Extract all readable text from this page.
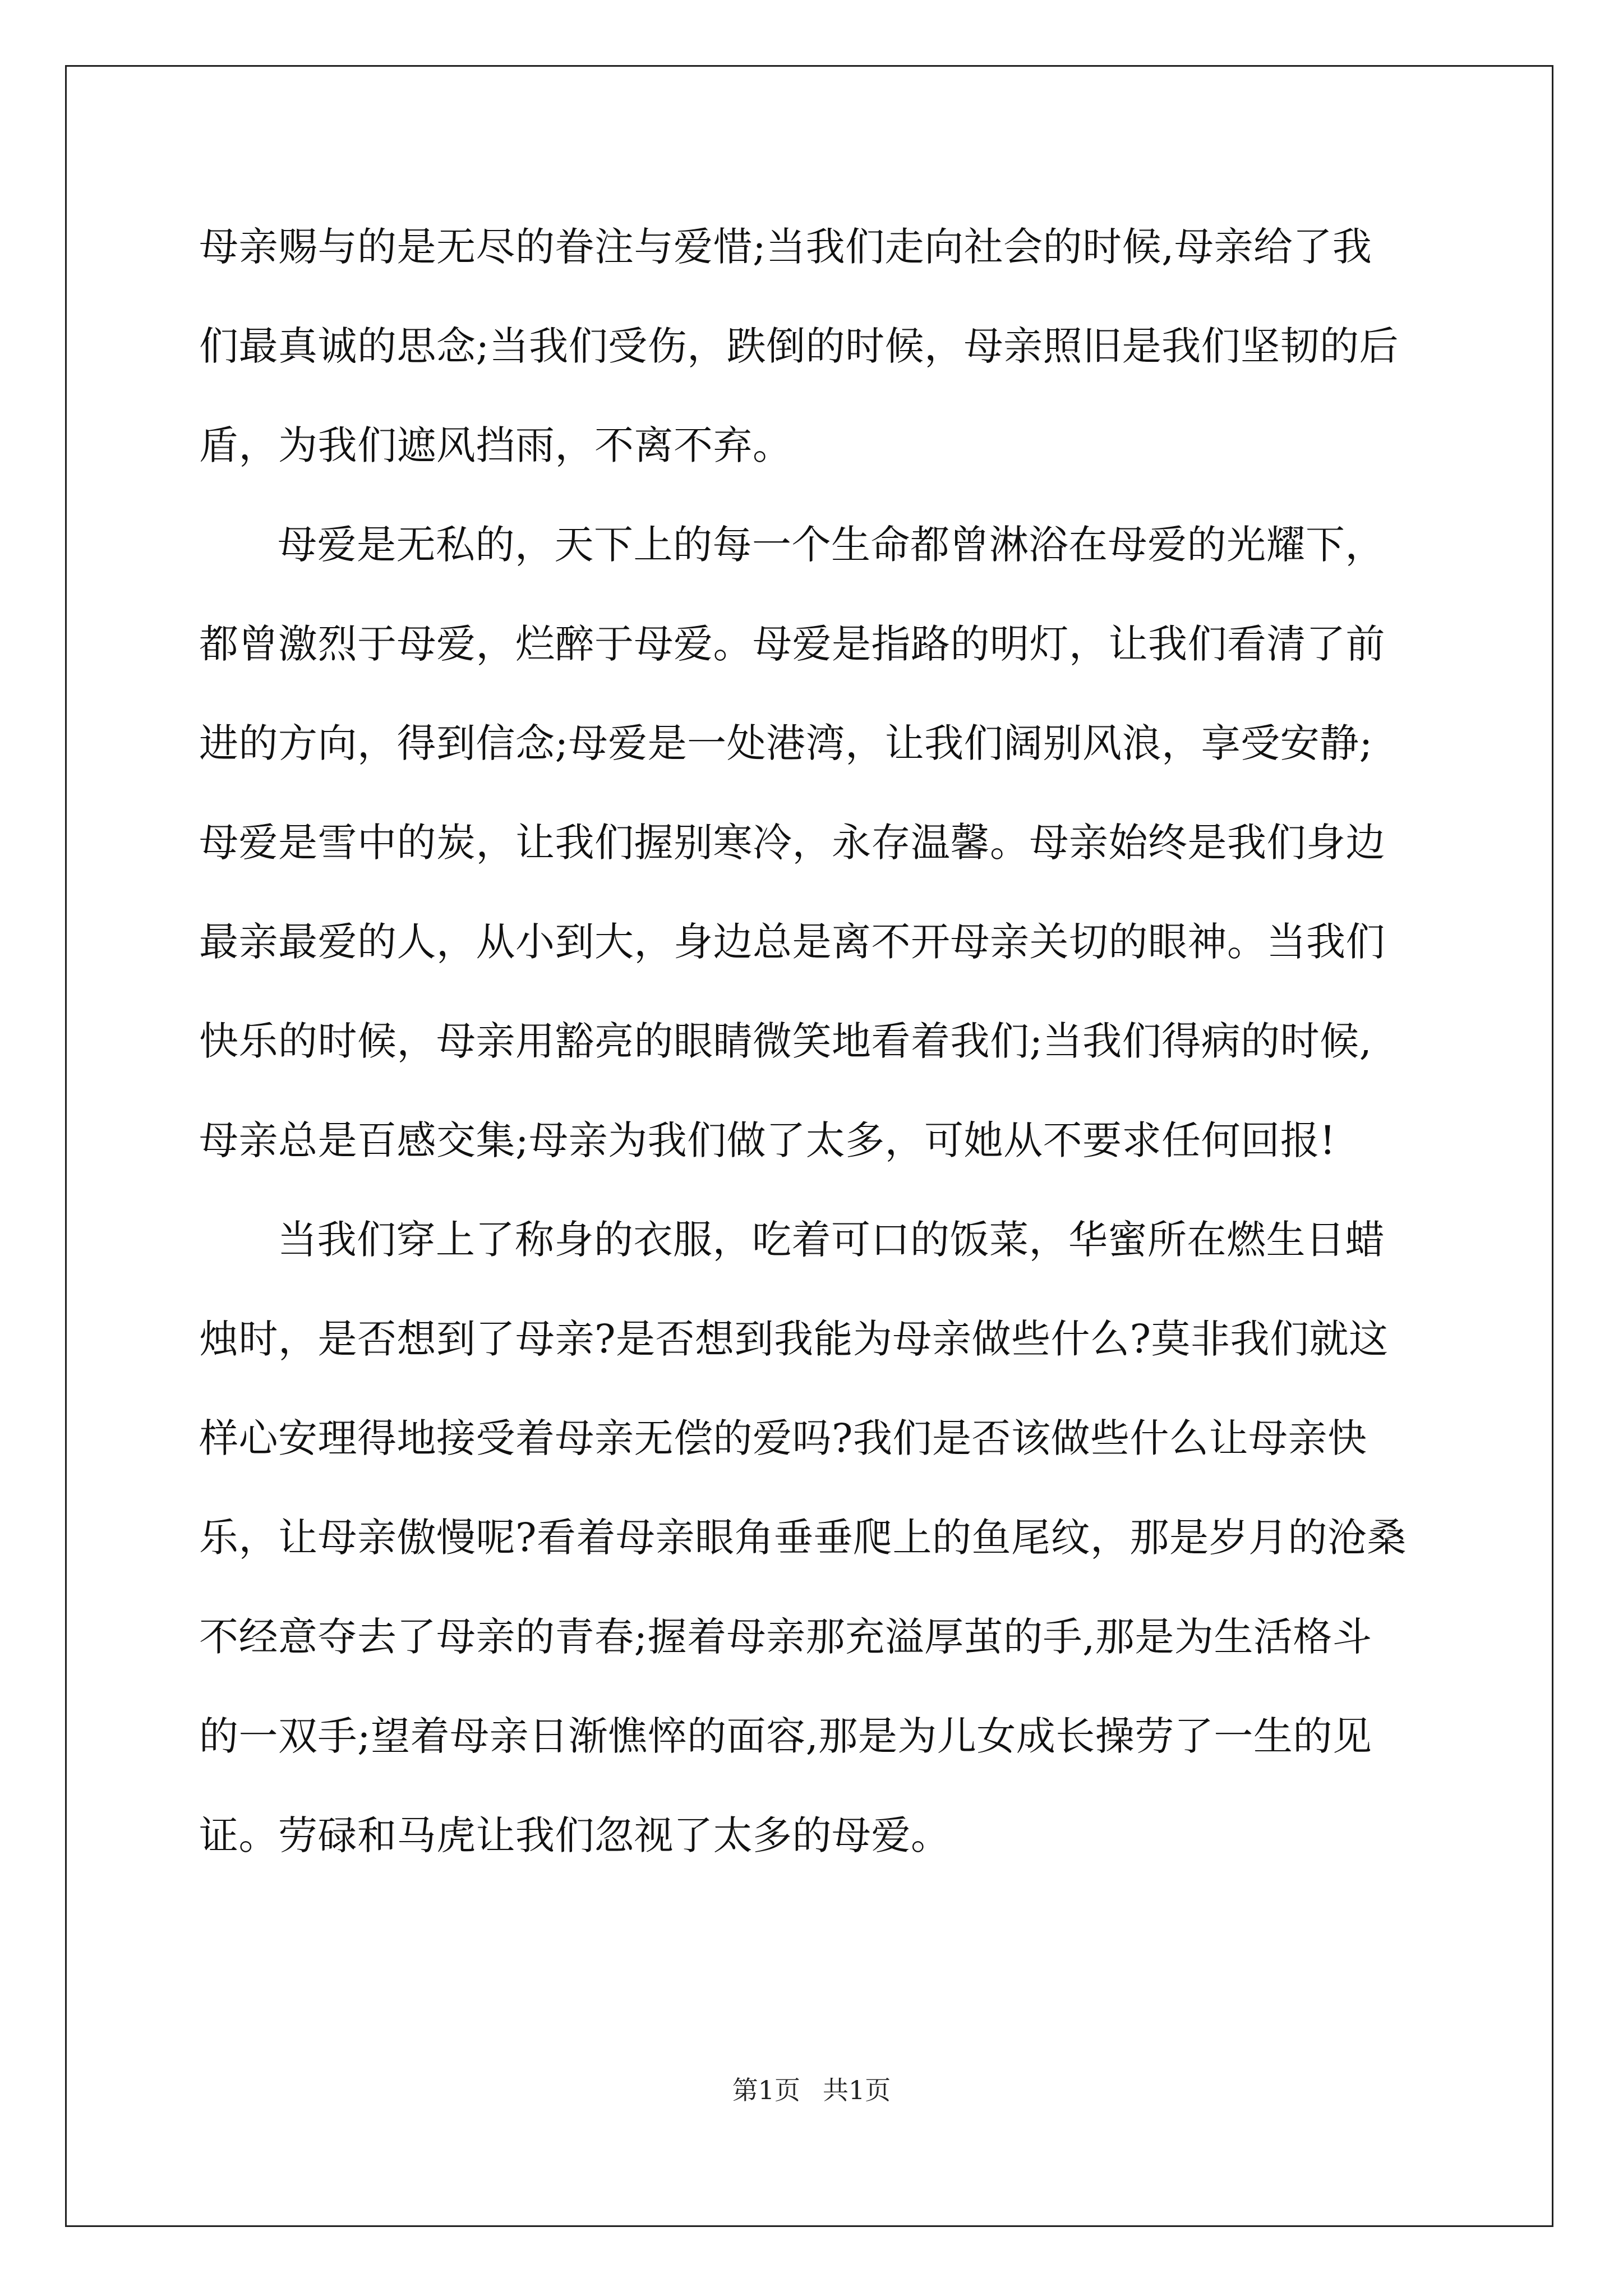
母亲赐与的是无尽的眷注与爱惜;当我们走向社会的时候,母亲给了我
们最真诚的思念;当我们受伤，跌倒的时候，母亲照旧是我们坚韧的后
盾，为我们遮风挡雨，不离不弃。
母爱是无私的，天下上的每一个生命都曾淋浴在母爱的光耀下，
都曾激烈于母爱，烂醉于母爱。母爱是指路的明灯，让我们看清了前
进的方向，得到信念;母爱是一处港湾，让我们阔别风浪，享受安静;
母爱是雪中的炭，让我们握别寒冷，永存温馨。母亲始终是我们身边
最亲最爱的人，从小到大，身边总是离不开母亲关切的眼神。当我们
快乐的时候，母亲用豁亮的眼睛微笑地看着我们;当我们得病的时候,
母亲总是百感交集;母亲为我们做了太多，可她从不要求任何回报!
当我们穿上了称身的衣服，吃着可口的饭菜，华蜜所在燃生日蜡
烛时，是否想到了母亲?是否想到我能为母亲做些什么?莫非我们就这
样心安理得地接受着母亲无偿的爱吗?我们是否该做些什么让母亲快
乐，让母亲傲慢呢?看着母亲眼角垂垂爬上的鱼尾纹，那是岁月的沧桑
不经意夺去了母亲的青春;握着母亲那充溢厚茧的手,那是为生活格斗
的一双手;望着母亲日渐憔悴的面容,那是为儿女成长操劳了一生的见
证。劳碌和马虎让我们忽视了太多的母爱。
第1页 共1页
